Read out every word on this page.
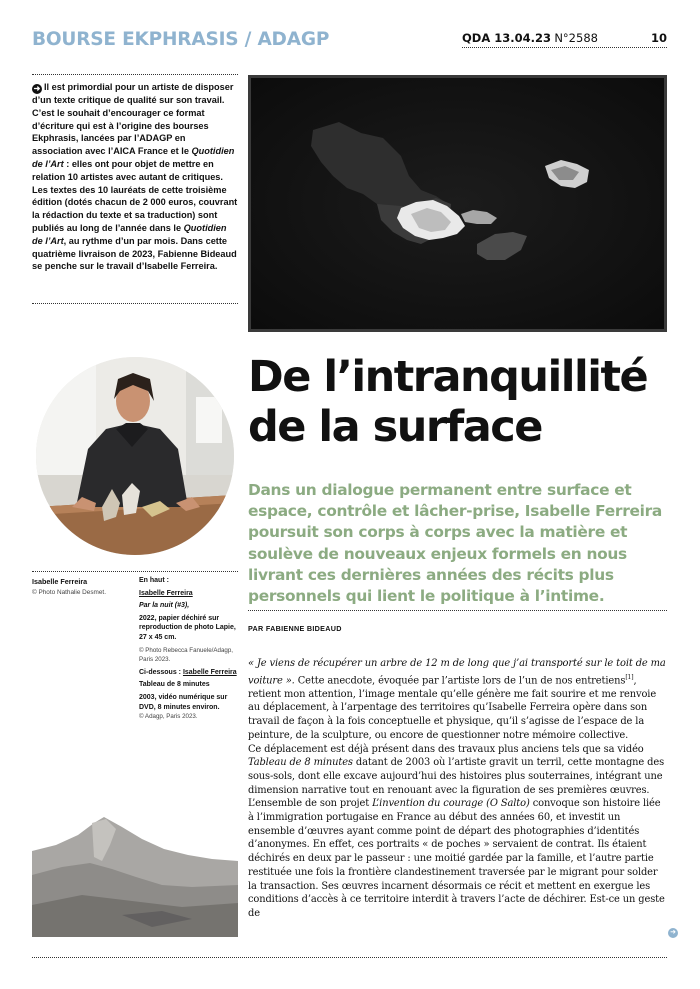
BOURSE EKPHRASIS / ADAGP	QDA 13.04.23 N°2588	10
➜ Il est primordial pour un artiste de disposer d’un texte critique de qualité sur son travail. C’est le souhait d’encourager ce format d’écriture qui est à l’origine des bourses Ekphrasis, lancées par l’ADAGP en association avec l’AICA France et le Quotidien de l’Art : elles ont pour objet de mettre en relation 10 artistes avec autant de critiques. Les textes des 10 lauréats de cette troisième édition (dotés chacun de 2 000 euros, couvrant la rédaction du texte et sa traduction) sont publiés au long de l’année dans le Quotidien de l’Art, au rythme d’un par mois. Dans cette quatrième livraison de 2023, Fabienne Bideaud se penche sur le travail d’Isabelle Ferreira.
De l’intranquillité de la surface

Dans un dialogue permanent entre surface et espace, contrôle et lâcher-prise, Isabelle Ferreira poursuit son corps à corps avec la matière et soulève de nouveaux enjeux formels en nous livrant ces dernières années des récits plus personnels qui lient le politique à l’intime.

PAR FABIENNE BIDEAUD
Isabelle Ferreira
© Photo Nathalie Desmet.
En haut :
Isabelle Ferreira
Par la nuit (#3),
2022, papier déchiré sur reproduction de photo Lapie, 27 x 45 cm.
© Photo Rebecca Fanuele/Adagp, Paris 2023.
Ci-dessous : Isabelle Ferreira
Tableau de 8 minutes
2003, vidéo numérique sur DVD, 8 minutes environ.
© Adagp, Paris 2023.

« Je viens de récupérer un arbre de 12 m de long que j’ai transporté sur le toit de ma voiture ». Cette anecdote, évoquée par l’artiste lors de l’un de nos entretiens[1], retient mon attention, l’image mentale qu’elle génère me fait sourire et me renvoie au déplacement, à l’arpentage des territoires qu’Isabelle Ferreira opère dans son travail de façon à la fois conceptuelle et physique, qu’il s’agisse de l’espace de la peinture, de la sculpture, ou encore de questionner notre mémoire collective.

Ce déplacement est déjà présent dans des travaux plus anciens tels que sa vidéo Tableau de 8 minutes datant de 2003 où l’artiste gravit un terril, cette montagne des sous-sols, dont elle excave aujourd’hui des histoires plus souterraines, intégrant une dimension narrative tout en renouant avec la figuration de ses premières œuvres. L’ensemble de son projet L’invention du courage (O Salto) convoque son histoire liée à l’immigration portugaise en France au début des années 60, et investit un ensemble d’œuvres ayant comme point de départ des photographies d’identités d’anonymes. En effet, ces portraits « de poches » servaient de contrat. Ils étaient déchirés en deux par le passeur : une moitié gardée par la famille, et l’autre partie restituée une fois la frontière clandestinement traversée par le migrant pour solder la transaction. Ses œuvres incarnent désormais ce récit et mettent en exergue les conditions d’accès à ce territoire interdit à travers l’acte de déchirer. Est-ce un geste de

➜
